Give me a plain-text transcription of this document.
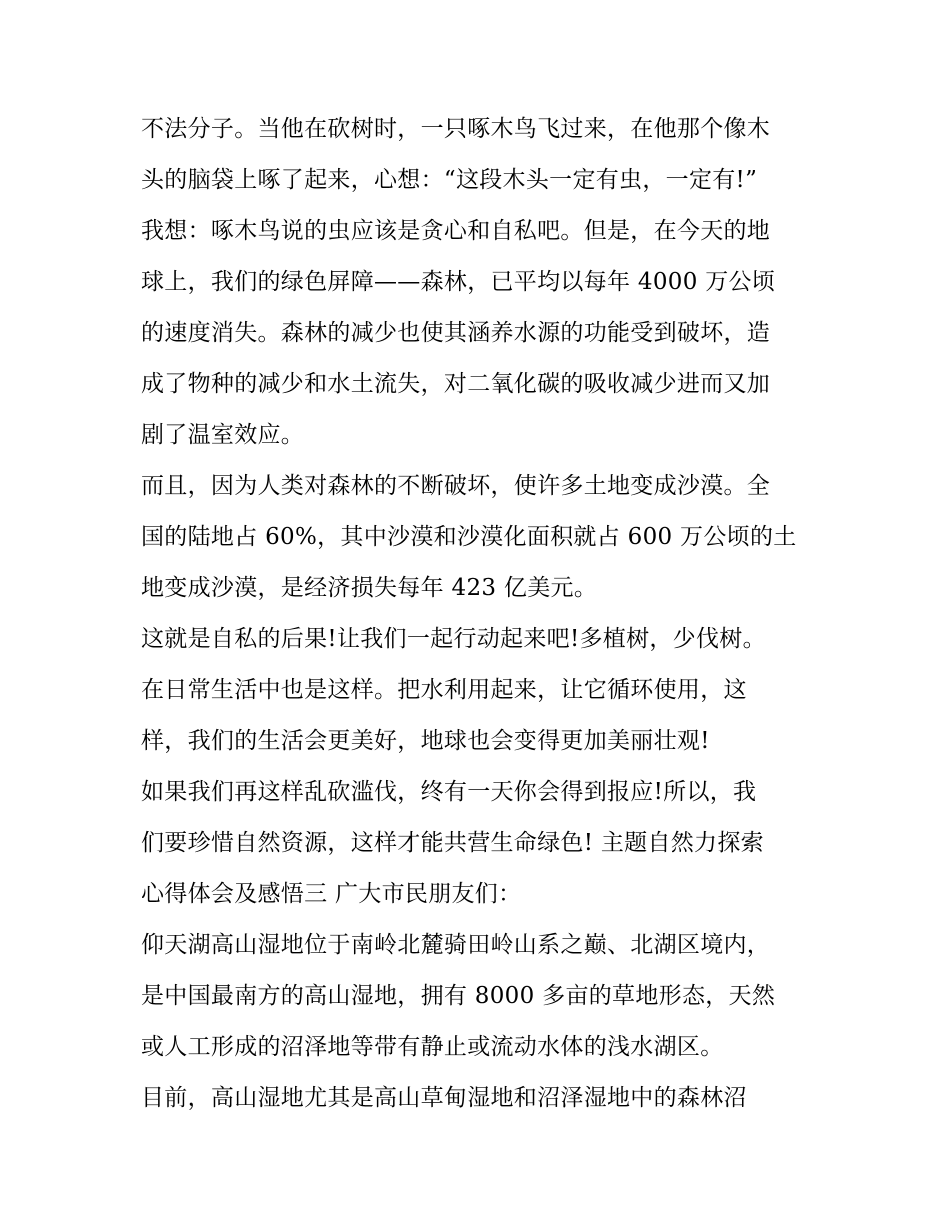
不法分子。当他在砍树时，一只啄木鸟飞过来，在他那个像木
头的脑袋上啄了起来，心想：“这段木头一定有虫，一定有!”

我想：啄木鸟说的虫应该是贪心和自私吧。但是，在今天的地
球上，我们的绿色屏障——森林，已平均以每年 4000 万公顷
的速度消失。森林的减少也使其涵养水源的功能受到破坏，造
成了物种的减少和水土流失，对二氧化碳的吸收减少进而又加
剧了温室效应。

而且，因为人类对森林的不断破坏，使许多土地变成沙漠。全
国的陆地占 60%，其中沙漠和沙漠化面积就占 600 万公顷的土
地变成沙漠，是经济损失每年 423 亿美元。

这就是自私的后果!让我们一起行动起来吧!多植树，少伐树。
在日常生活中也是这样。把水利用起来，让它循环使用，这
样，我们的生活会更美好，地球也会变得更加美丽壮观!

如果我们再这样乱砍滥伐，终有一天你会得到报应!所以，我
们要珍惜自然资源，这样才能共营生命绿色! 主题自然力探索
心得体会及感悟三 广大市民朋友们：

仰天湖高山湿地位于南岭北麓骑田岭山系之巅、北湖区境内，
是中国最南方的高山湿地，拥有 8000 多亩的草地形态，天然
或人工形成的沼泽地等带有静止或流动水体的浅水湖区。

目前，高山湿地尤其是高山草甸湿地和沼泽湿地中的森林沼
